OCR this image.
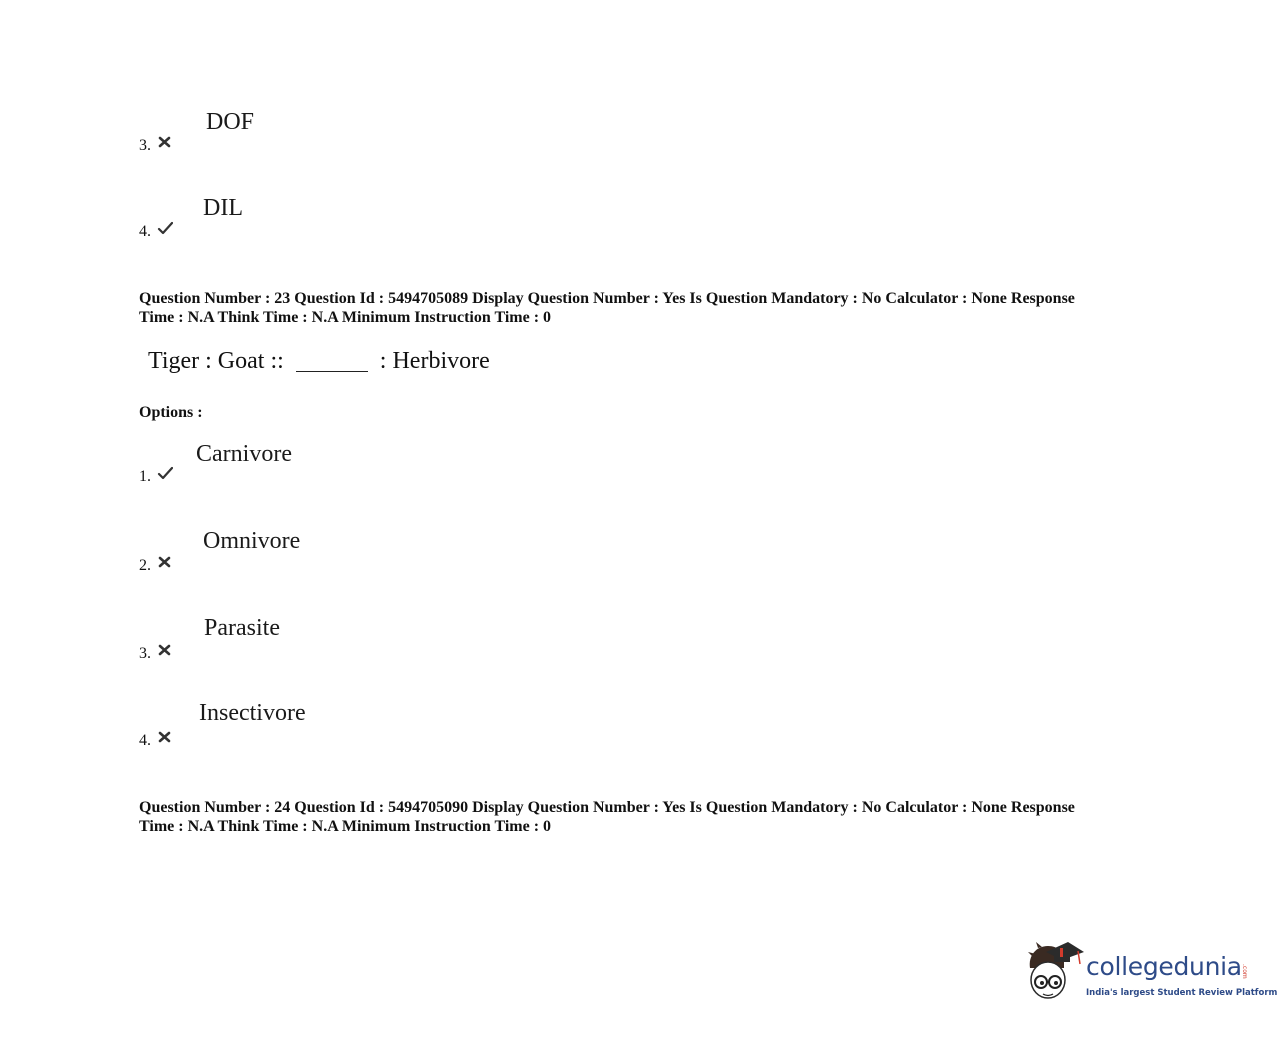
DOF
3.
DIL
4.
Question Number : 23 Question Id : 5494705089 Display Question Number : Yes Is Question Mandatory : No Calculator : None Response
Time : N.A Think Time : N.A Minimum Instruction Time : 0
Tiger : Goat ::	: Herbivore
Options :
Carnivore
1.
Omnivore
2.
Parasite
3.
Insectivore
4.
Question Number : 24 Question Id : 5494705090 Display Question Number : Yes Is Question Mandatory : No Calculator : None Response
Time : N.A Think Time : N.A Minimum Instruction Time : 0
collegedunia .com
India's largest Student Review Platform
